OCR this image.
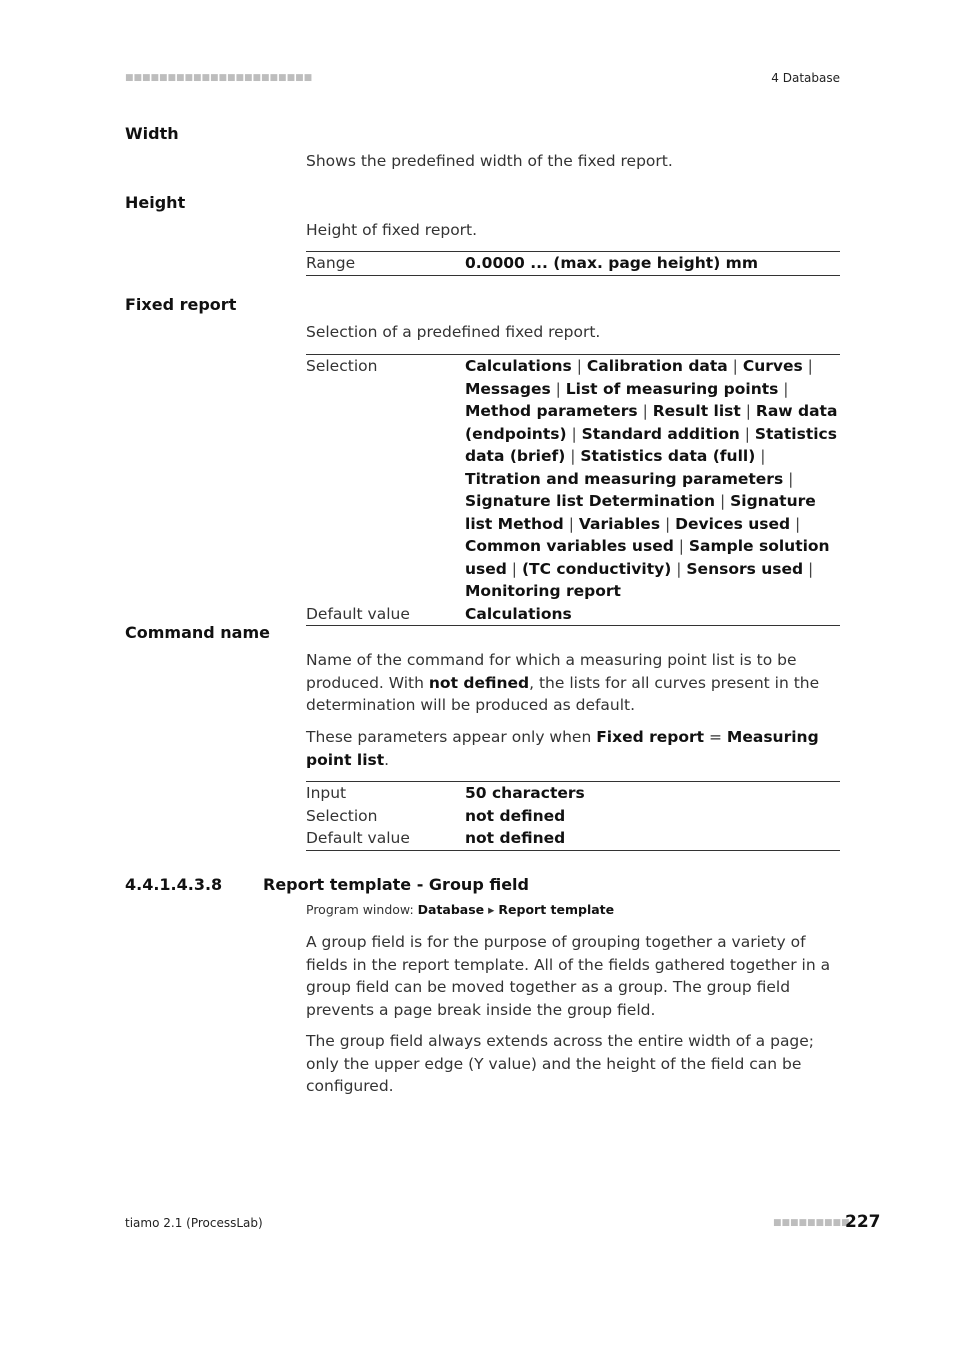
■■■■■■■■■■■■■■■■■■■■■■	4 Database
Width

Shows the predefined width of the fixed report.

Height

Height of fixed report.

Range	0.0000 ... (max. page height) mm
Fixed report

Selection of a predefined fixed report.

Selection	Calculations | Calibration data | Curves | Messages | List of measuring points | Method parameters | Result list | Raw data (endpoints) | Standard addition | Statistics data (brief) | Statistics data (full) | Titration and measuring parameters | Signature list Determination | Signature list Method | Variables | Devices used | Common variables used | Sample solution used | (TC conductivity) | Sensors used | Monitoring report
Default value	Calculations
Command name

Name of the command for which a measuring point list is to be produced. With not defined, the lists for all curves present in the determination will be produced as default.

These parameters appear only when Fixed report = Measuring point list.

Input	50 characters
Selection	not defined
Default value	not defined
4.4.1.4.3.8	Report template - Group field
Program window: Database ▸ Report template

A group field is for the purpose of grouping together a variety of fields in the report template. All of the fields gathered together in a group field can be moved together as a group. The group field prevents a page break inside the group field.

The group field always extends across the entire width of a page; only the upper edge (Y value) and the height of the field can be configured.

tiamo 2.1 (ProcessLab)	■■■■■■■■■
227
